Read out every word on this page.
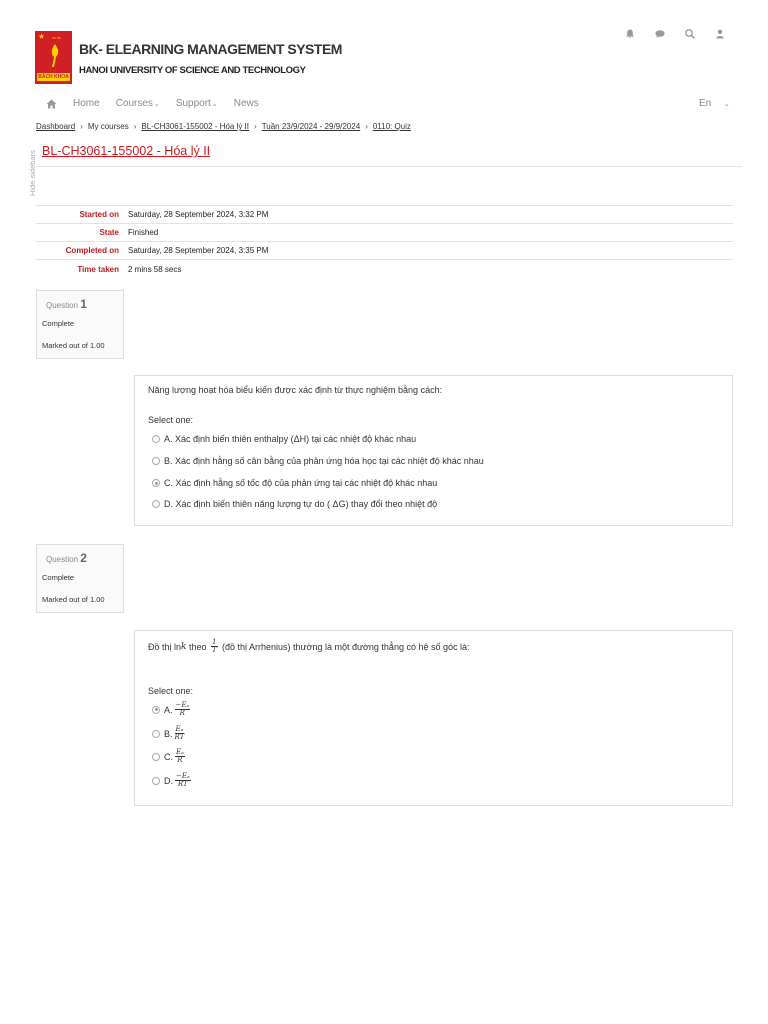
★ DH BK
BÁCH KHOA
BK- ELEARNING MANAGEMENT SYSTEM
HANOI UNIVERSITY OF SCIENCE AND TECHNOLOGY
Home Courses ⌄ Support ⌄ News	En ⌄
Dashboard › My courses › BL-CH3061-155002 - Hóa lý II › Tuần 23/9/2024 - 29/9/2024 › 0110: Quiz
BL-CH3061-155002 - Hóa lý II
Hide sidebars
Started on	Saturday, 28 September 2024, 3:32 PM
State	Finished
Completed on	Saturday, 28 September 2024, 3:35 PM
Time taken	2 mins 58 secs
Question 1
Complete
Marked out of 1.00
Năng lượng hoạt hóa biểu kiến được xác định từ thực nghiệm bằng cách:
Select one:
A. Xác định biến thiên enthalpy (ΔH) tại các nhiệt độ khác nhau
B. Xác định hằng số cân bằng của phản ứng hóa học tại các nhiệt độ khác nhau
C. Xác định hằng số tốc độ của phản ứng tại các nhiệt độ khác nhau
D. Xác định biến thiên năng lượng tự do ( ΔG) thay đổi theo nhiệt độ
Question 2
Complete
Marked out of 1.00
Đồ thị ln k theo $\frac{1}{T}$ (đồ thị Arrhenius) thường là một đường thẳng có hệ số góc là:
Select one:
A. $\frac{\text{−Eₐ}}{R}$
B. $\frac{\text{Eₐ}}{RT}$
C. $\frac{\text{Eₐ}}{R}$
D. $\frac{\text{−Eₐ}}{RT}$
